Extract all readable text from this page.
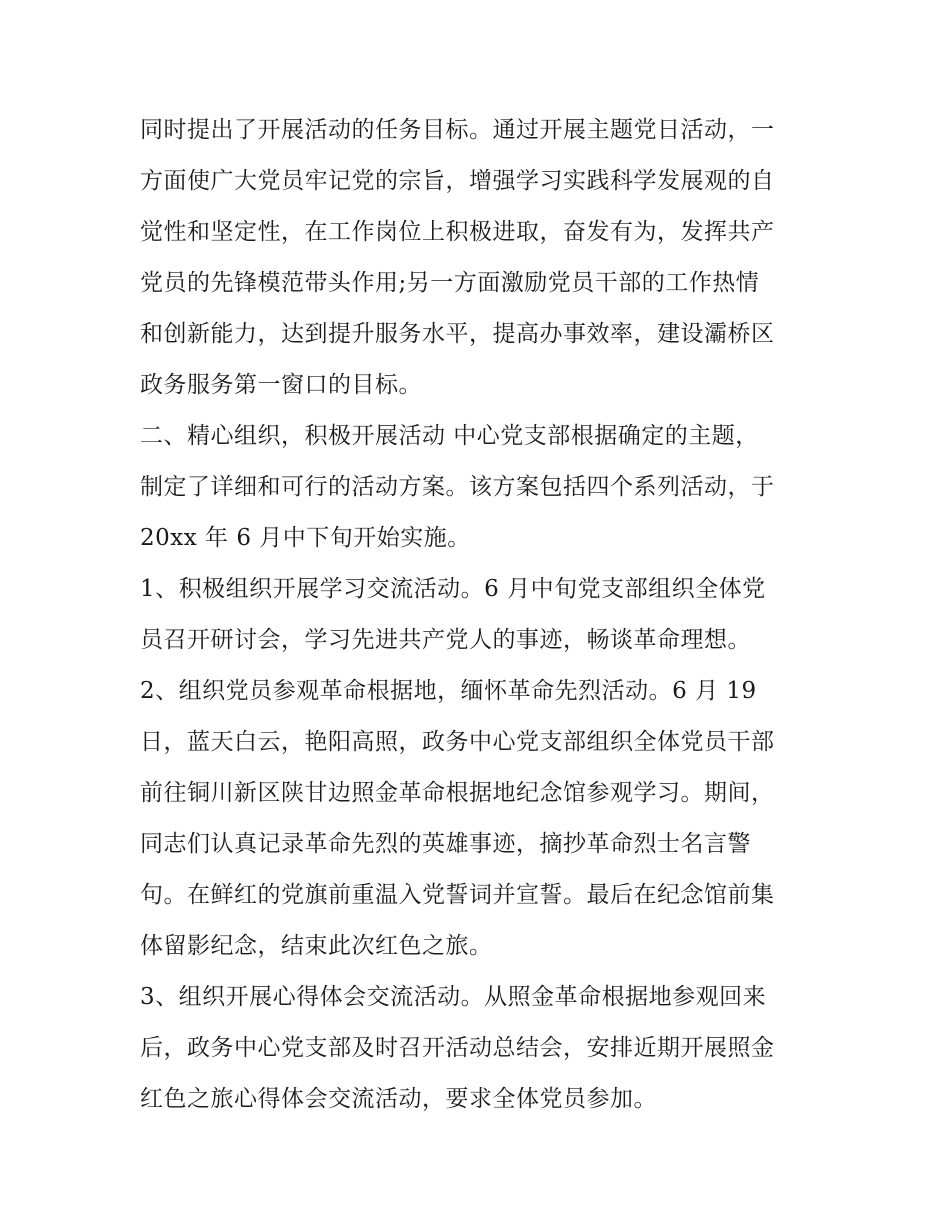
同时提出了开展活动的任务目标。通过开展主题党日活动，一
方面使广大党员牢记党的宗旨，增强学习实践科学发展观的自
觉性和坚定性，在工作岗位上积极进取，奋发有为，发挥共产
党员的先锋模范带头作用;另一方面激励党员干部的工作热情
和创新能力，达到提升服务水平，提高办事效率，建设灞桥区
政务服务第一窗口的目标。
二、精心组织，积极开展活动 中心党支部根据确定的主题，
制定了详细和可行的活动方案。该方案包括四个系列活动，于
20xx 年 6 月中下旬开始实施。
1、积极组织开展学习交流活动。6 月中旬党支部组织全体党
员召开研讨会，学习先进共产党人的事迹，畅谈革命理想。
2、组织党员参观革命根据地，缅怀革命先烈活动。6 月 19
日，蓝天白云，艳阳高照，政务中心党支部组织全体党员干部
前往铜川新区陕甘边照金革命根据地纪念馆参观学习。期间，
同志们认真记录革命先烈的英雄事迹，摘抄革命烈士名言警
句。在鲜红的党旗前重温入党誓词并宣誓。最后在纪念馆前集
体留影纪念，结束此次红色之旅。
3、组织开展心得体会交流活动。从照金革命根据地参观回来
后，政务中心党支部及时召开活动总结会，安排近期开展照金
红色之旅心得体会交流活动，要求全体党员参加。
